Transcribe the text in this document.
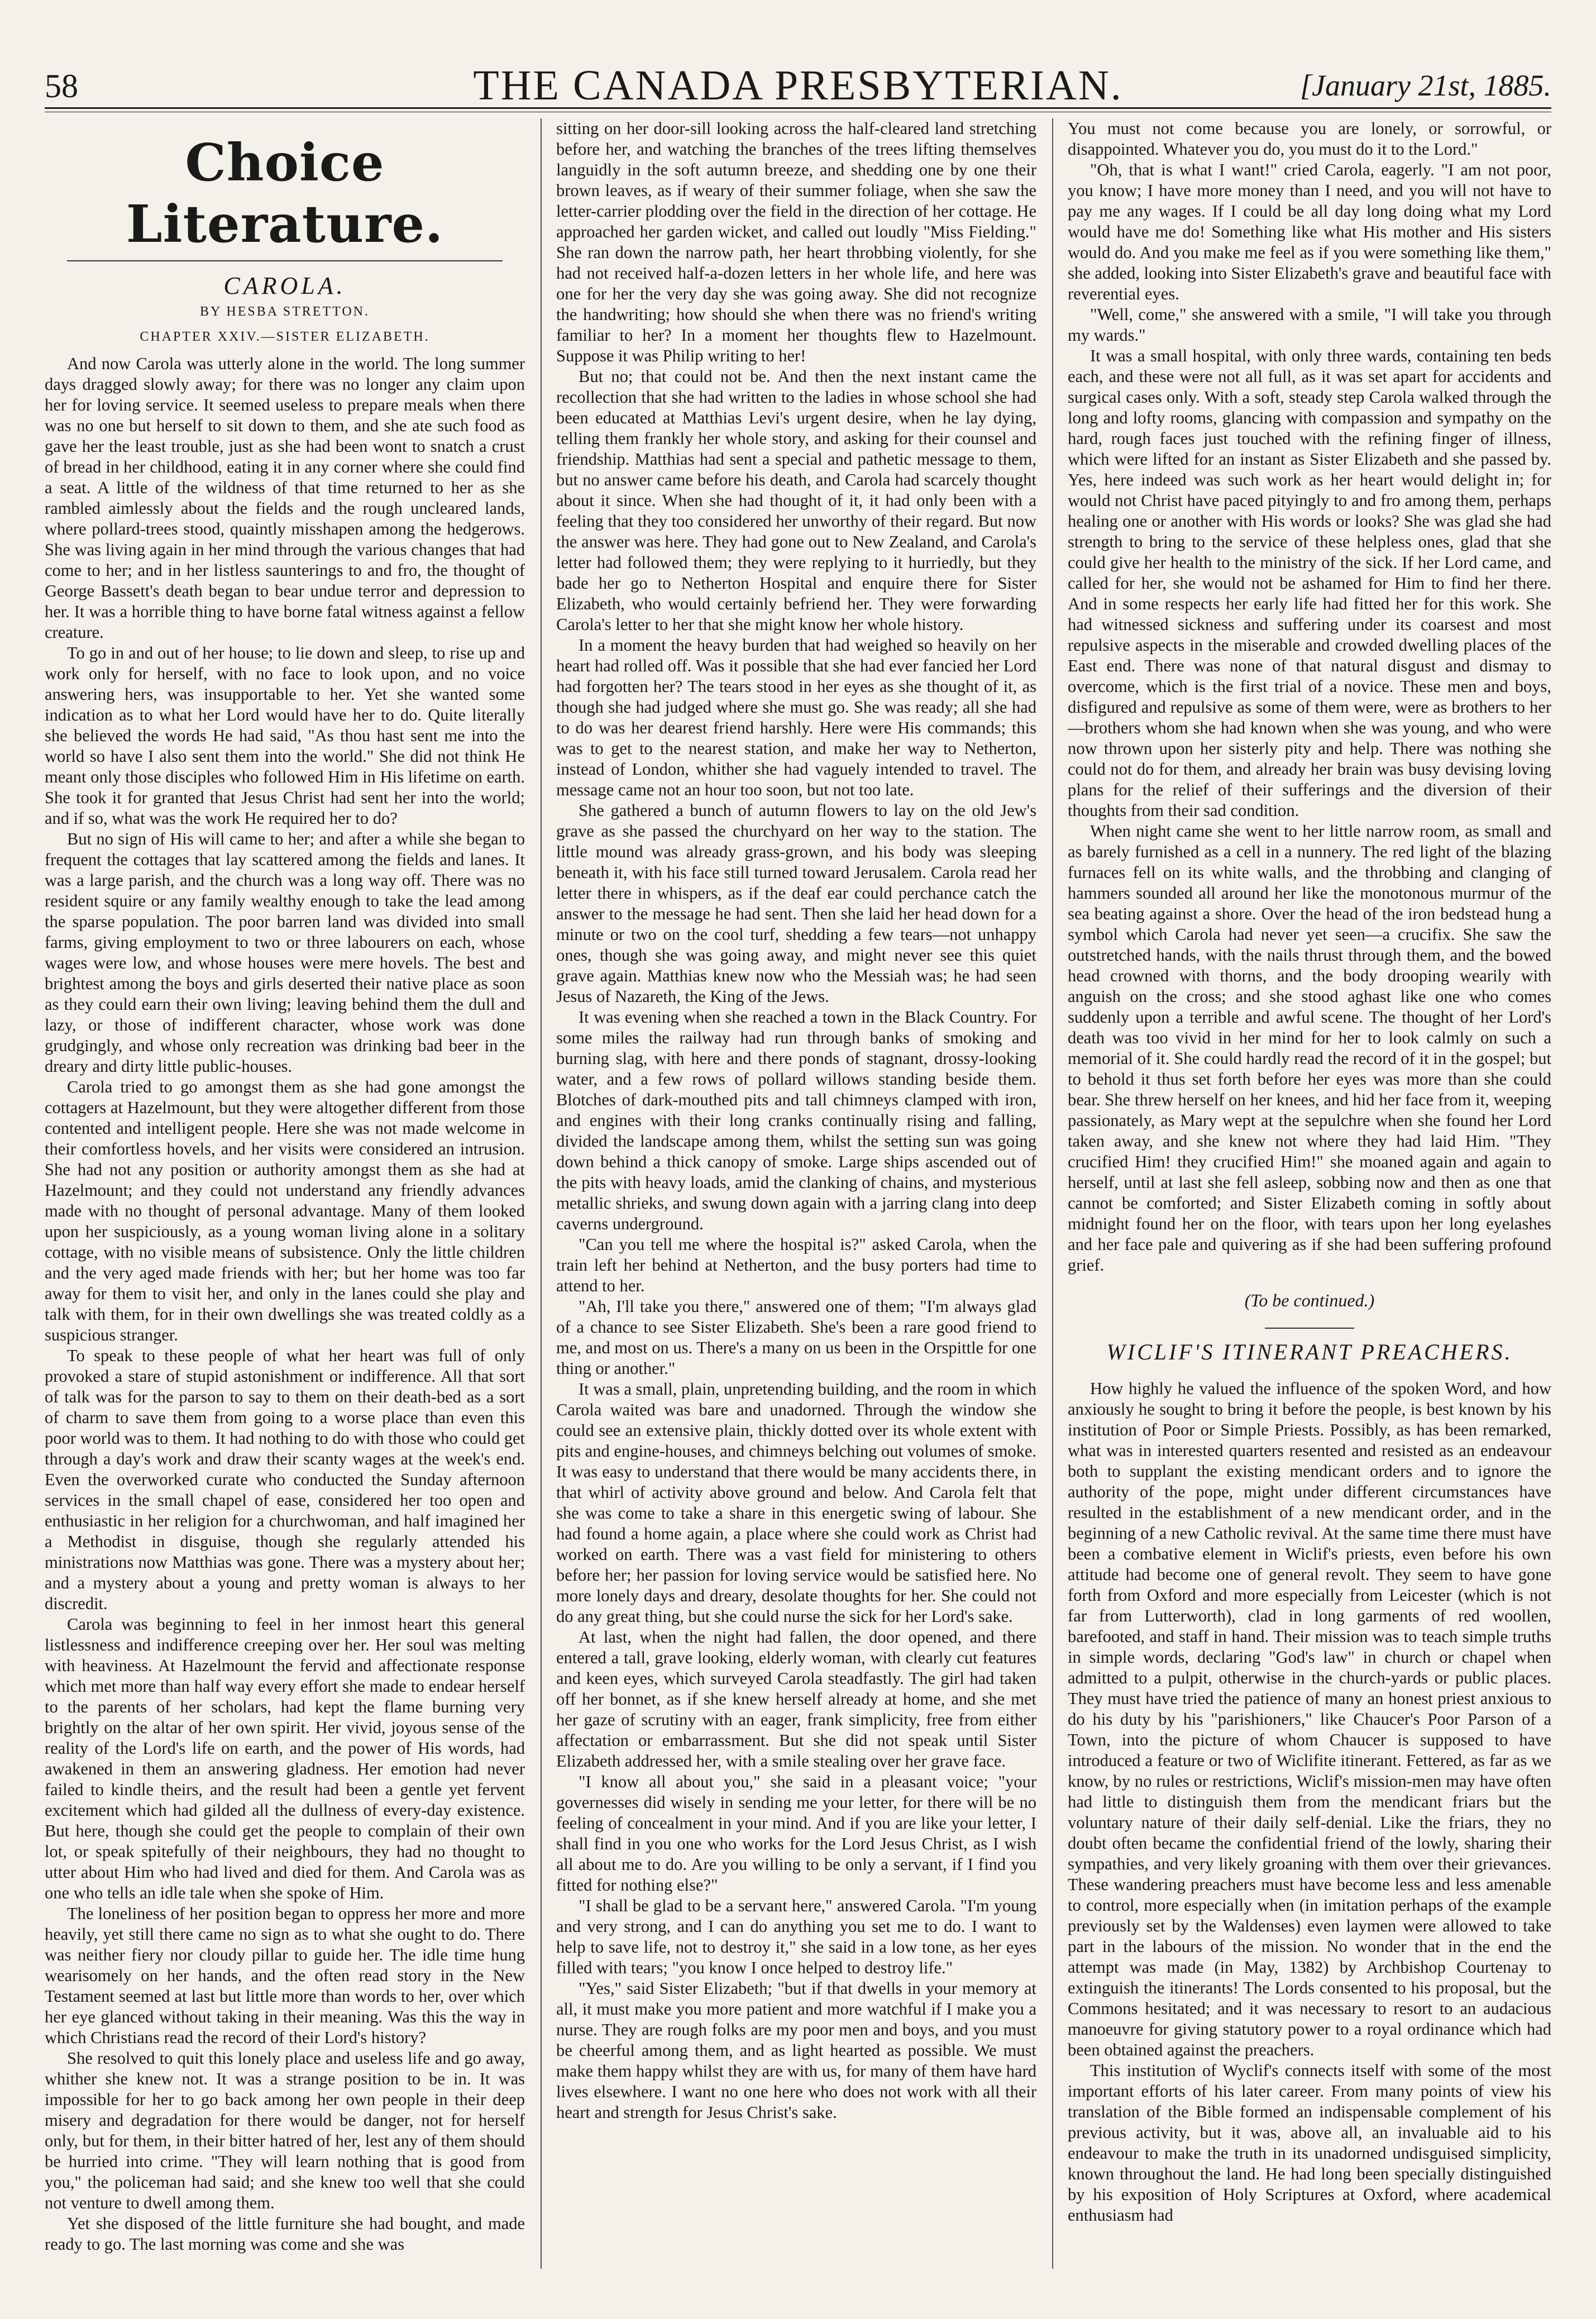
58	THE CANADA PRESBYTERIAN.	[January 21st, 1885.
Choice Literature.
CAROLA.
BY HESBA STRETTON.
CHAPTER XXIV.—SISTER ELIZABETH.

And now Carola was utterly alone in the world. The long summer days dragged slowly away; for there was no longer any claim upon her for loving service. It seemed useless to prepare meals when there was no one but herself to sit down to them, and she ate such food as gave her the least trouble, just as she had been wont to snatch a crust of bread in her childhood, eating it in any corner where she could find a seat. A little of the wildness of that time returned to her as she rambled aimlessly about the fields and the rough uncleared lands, where pollard-trees stood, quaintly misshapen among the hedgerows. She was living again in her mind through the various changes that had come to her; and in her listless saunterings to and fro, the thought of George Bassett's death began to bear undue terror and depression to her. It was a horrible thing to have borne fatal witness against a fellow creature.

To go in and out of her house; to lie down and sleep, to rise up and work only for herself, with no face to look upon, and no voice answering hers, was insupportable to her. Yet she wanted some indication as to what her Lord would have her to do. Quite literally she believed the words He had said, "As thou hast sent me into the world so have I also sent them into the world." She did not think He meant only those disciples who followed Him in His lifetime on earth. She took it for granted that Jesus Christ had sent her into the world; and if so, what was the work He required her to do?

But no sign of His will came to her; and after a while she began to frequent the cottages that lay scattered among the fields and lanes. It was a large parish, and the church was a long way off. There was no resident squire or any family wealthy enough to take the lead among the sparse population. The poor barren land was divided into small farms, giving employment to two or three labourers on each, whose wages were low, and whose houses were mere hovels. The best and brightest among the boys and girls deserted their native place as soon as they could earn their own living; leaving behind them the dull and lazy, or those of indifferent character, whose work was done grudgingly, and whose only recreation was drinking bad beer in the dreary and dirty little public-houses.

Carola tried to go amongst them as she had gone amongst the cottagers at Hazelmount, but they were altogether different from those contented and intelligent people. Here she was not made welcome in their comfortless hovels, and her visits were considered an intrusion. She had not any position or authority amongst them as she had at Hazelmount; and they could not understand any friendly advances made with no thought of personal advantage. Many of them looked upon her suspiciously, as a young woman living alone in a solitary cottage, with no visible means of subsistence. Only the little children and the very aged made friends with her; but her home was too far away for them to visit her, and only in the lanes could she play and talk with them, for in their own dwellings she was treated coldly as a suspicious stranger.

To speak to these people of what her heart was full of only provoked a stare of stupid astonishment or indifference. All that sort of talk was for the parson to say to them on their death-bed as a sort of charm to save them from going to a worse place than even this poor world was to them. It had nothing to do with those who could get through a day's work and draw their scanty wages at the week's end. Even the overworked curate who conducted the Sunday afternoon services in the small chapel of ease, considered her too open and enthusiastic in her religion for a churchwoman, and half imagined her a Methodist in disguise, though she regularly attended his ministrations now Matthias was gone. There was a mystery about her; and a mystery about a young and pretty woman is always to her discredit.

Carola was beginning to feel in her inmost heart this general listlessness and indifference creeping over her. Her soul was melting with heaviness. At Hazelmount the fervid and affectionate response which met more than half way every effort she made to endear herself to the parents of her scholars, had kept the flame burning very brightly on the altar of her own spirit. Her vivid, joyous sense of the reality of the Lord's life on earth, and the power of His words, had awakened in them an answering gladness. Her emotion had never failed to kindle theirs, and the result had been a gentle yet fervent excitement which had gilded all the dullness of every-day existence. But here, though she could get the people to complain of their own lot, or speak spitefully of their neighbours, they had no thought to utter about Him who had lived and died for them. And Carola was as one who tells an idle tale when she spoke of Him.

The loneliness of her position began to oppress her more and more heavily, yet still there came no sign as to what she ought to do. There was neither fiery nor cloudy pillar to guide her. The idle time hung wearisomely on her hands, and the often read story in the New Testament seemed at last but little more than words to her, over which her eye glanced without taking in their meaning. Was this the way in which Christians read the record of their Lord's history?

She resolved to quit this lonely place and useless life and go away, whither she knew not. It was a strange position to be in. It was impossible for her to go back among her own people in their deep misery and degradation for there would be danger, not for herself only, but for them, in their bitter hatred of her, lest any of them should be hurried into crime. "They will learn nothing that is good from you," the policeman had said; and she knew too well that she could not venture to dwell among them.

Yet she disposed of the little furniture she had bought, and made ready to go. The last morning was come and she was

sitting on her door-sill looking across the half-cleared land stretching before her, and watching the branches of the trees lifting themselves languidly in the soft autumn breeze, and shedding one by one their brown leaves, as if weary of their summer foliage, when she saw the letter-carrier plodding over the field in the direction of her cottage. He approached her garden wicket, and called out loudly "Miss Fielding." She ran down the narrow path, her heart throbbing violently, for she had not received half-a-dozen letters in her whole life, and here was one for her the very day she was going away. She did not recognize the handwriting; how should she when there was no friend's writing familiar to her? In a moment her thoughts flew to Hazelmount. Suppose it was Philip writing to her!

But no; that could not be. And then the next instant came the recollection that she had written to the ladies in whose school she had been educated at Matthias Levi's urgent desire, when he lay dying, telling them frankly her whole story, and asking for their counsel and friendship. Matthias had sent a special and pathetic message to them, but no answer came before his death, and Carola had scarcely thought about it since. When she had thought of it, it had only been with a feeling that they too considered her unworthy of their regard. But now the answer was here. They had gone out to New Zealand, and Carola's letter had followed them; they were replying to it hurriedly, but they bade her go to Netherton Hospital and enquire there for Sister Elizabeth, who would certainly befriend her. They were forwarding Carola's letter to her that she might know her whole history.

In a moment the heavy burden that had weighed so heavily on her heart had rolled off. Was it possible that she had ever fancied her Lord had forgotten her? The tears stood in her eyes as she thought of it, as though she had judged where she must go. She was ready; all she had to do was her dearest friend harshly. Here were His commands; this was to get to the nearest station, and make her way to Netherton, instead of London, whither she had vaguely intended to travel. The message came not an hour too soon, but not too late.

She gathered a bunch of autumn flowers to lay on the old Jew's grave as she passed the churchyard on her way to the station. The little mound was already grass-grown, and his body was sleeping beneath it, with his face still turned toward Jerusalem. Carola read her letter there in whispers, as if the deaf ear could perchance catch the answer to the message he had sent. Then she laid her head down for a minute or two on the cool turf, shedding a few tears—not unhappy ones, though she was going away, and might never see this quiet grave again. Matthias knew now who the Messiah was; he had seen Jesus of Nazareth, the King of the Jews.

It was evening when she reached a town in the Black Country. For some miles the railway had run through banks of smoking and burning slag, with here and there ponds of stagnant, drossy-looking water, and a few rows of pollard willows standing beside them. Blotches of dark-mouthed pits and tall chimneys clamped with iron, and engines with their long cranks continually rising and falling, divided the landscape among them, whilst the setting sun was going down behind a thick canopy of smoke. Large ships ascended out of the pits with heavy loads, amid the clanking of chains, and mysterious metallic shrieks, and swung down again with a jarring clang into deep caverns underground.

"Can you tell me where the hospital is?" asked Carola, when the train left her behind at Netherton, and the busy porters had time to attend to her.

"Ah, I'll take you there," answered one of them; "I'm always glad of a chance to see Sister Elizabeth. She's been a rare good friend to me, and most on us. There's a many on us been in the Orspittle for one thing or another."

It was a small, plain, unpretending building, and the room in which Carola waited was bare and unadorned. Through the window she could see an extensive plain, thickly dotted over its whole extent with pits and engine-houses, and chimneys belching out volumes of smoke. It was easy to understand that there would be many accidents there, in that whirl of activity above ground and below. And Carola felt that she was come to take a share in this energetic swing of labour. She had found a home again, a place where she could work as Christ had worked on earth. There was a vast field for ministering to others before her; her passion for loving service would be satisfied here. No more lonely days and dreary, desolate thoughts for her. She could not do any great thing, but she could nurse the sick for her Lord's sake.

At last, when the night had fallen, the door opened, and there entered a tall, grave looking, elderly woman, with clearly cut features and keen eyes, which surveyed Carola steadfastly. The girl had taken off her bonnet, as if she knew herself already at home, and she met her gaze of scrutiny with an eager, frank simplicity, free from either affectation or embarrassment. But she did not speak until Sister Elizabeth addressed her, with a smile stealing over her grave face.

"I know all about you," she said in a pleasant voice; "your governesses did wisely in sending me your letter, for there will be no feeling of concealment in your mind. And if you are like your letter, I shall find in you one who works for the Lord Jesus Christ, as I wish all about me to do. Are you willing to be only a servant, if I find you fitted for nothing else?"

"I shall be glad to be a servant here," answered Carola. "I'm young and very strong, and I can do anything you set me to do. I want to help to save life, not to destroy it," she said in a low tone, as her eyes filled with tears; "you know I once helped to destroy life."

"Yes," said Sister Elizabeth; "but if that dwells in your memory at all, it must make you more patient and more watchful if I make you a nurse. They are rough folks are my poor men and boys, and you must be cheerful among them, and as light hearted as possible. We must make them happy whilst they are with us, for many of them have hard lives elsewhere. I want no one here who does not work with all their heart and strength for Jesus Christ's sake.

You must not come because you are lonely, or sorrowful, or disappointed. Whatever you do, you must do it to the Lord."

"Oh, that is what I want!" cried Carola, eagerly. "I am not poor, you know; I have more money than I need, and you will not have to pay me any wages. If I could be all day long doing what my Lord would have me do! Something like what His mother and His sisters would do. And you make me feel as if you were something like them," she added, looking into Sister Elizabeth's grave and beautiful face with reverential eyes.

"Well, come," she answered with a smile, "I will take you through my wards."

It was a small hospital, with only three wards, containing ten beds each, and these were not all full, as it was set apart for accidents and surgical cases only. With a soft, steady step Carola walked through the long and lofty rooms, glancing with compassion and sympathy on the hard, rough faces just touched with the refining finger of illness, which were lifted for an instant as Sister Elizabeth and she passed by. Yes, here indeed was such work as her heart would delight in; for would not Christ have paced pityingly to and fro among them, perhaps healing one or another with His words or looks? She was glad she had strength to bring to the service of these helpless ones, glad that she could give her health to the ministry of the sick. If her Lord came, and called for her, she would not be ashamed for Him to find her there. And in some respects her early life had fitted her for this work. She had witnessed sickness and suffering under its coarsest and most repulsive aspects in the miserable and crowded dwelling places of the East end. There was none of that natural disgust and dismay to overcome, which is the first trial of a novice. These men and boys, disfigured and repulsive as some of them were, were as brothers to her—brothers whom she had known when she was young, and who were now thrown upon her sisterly pity and help. There was nothing she could not do for them, and already her brain was busy devising loving plans for the relief of their sufferings and the diversion of their thoughts from their sad condition.

When night came she went to her little narrow room, as small and as barely furnished as a cell in a nunnery. The red light of the blazing furnaces fell on its white walls, and the throbbing and clanging of hammers sounded all around her like the monotonous murmur of the sea beating against a shore. Over the head of the iron bedstead hung a symbol which Carola had never yet seen—a crucifix. She saw the outstretched hands, with the nails thrust through them, and the bowed head crowned with thorns, and the body drooping wearily with anguish on the cross; and she stood aghast like one who comes suddenly upon a terrible and awful scene. The thought of her Lord's death was too vivid in her mind for her to look calmly on such a memorial of it. She could hardly read the record of it in the gospel; but to behold it thus set forth before her eyes was more than she could bear. She threw herself on her knees, and hid her face from it, weeping passionately, as Mary wept at the sepulchre when she found her Lord taken away, and she knew not where they had laid Him. "They crucified Him! they crucified Him!" she moaned again and again to herself, until at last she fell asleep, sobbing now and then as one that cannot be comforted; and Sister Elizabeth coming in softly about midnight found her on the floor, with tears upon her long eyelashes and her face pale and quivering as if she had been suffering profound grief.

(To be continued.)
WICLIF'S ITINERANT PREACHERS.

How highly he valued the influence of the spoken Word, and how anxiously he sought to bring it before the people, is best known by his institution of Poor or Simple Priests. Possibly, as has been remarked, what was in interested quarters resented and resisted as an endeavour both to supplant the existing mendicant orders and to ignore the authority of the pope, might under different circumstances have resulted in the establishment of a new mendicant order, and in the beginning of a new Catholic revival. At the same time there must have been a combative element in Wiclif's priests, even before his own attitude had become one of general revolt. They seem to have gone forth from Oxford and more especially from Leicester (which is not far from Lutterworth), clad in long garments of red woollen, barefooted, and staff in hand. Their mission was to teach simple truths in simple words, declaring "God's law" in church or chapel when admitted to a pulpit, otherwise in the church-yards or public places. They must have tried the patience of many an honest priest anxious to do his duty by his "parishioners," like Chaucer's Poor Parson of a Town, into the picture of whom Chaucer is supposed to have introduced a feature or two of Wiclifite itinerant. Fettered, as far as we know, by no rules or restrictions, Wiclif's mission-men may have often had little to distinguish them from the mendicant friars but the voluntary nature of their daily self-denial. Like the friars, they no doubt often became the confidential friend of the lowly, sharing their sympathies, and very likely groaning with them over their grievances. These wandering preachers must have become less and less amenable to control, more especially when (in imitation perhaps of the example previously set by the Waldenses) even laymen were allowed to take part in the labours of the mission. No wonder that in the end the attempt was made (in May, 1382) by Archbishop Courtenay to extinguish the itinerants! The Lords consented to his proposal, but the Commons hesitated; and it was necessary to resort to an audacious manoeuvre for giving statutory power to a royal ordinance which had been obtained against the preachers.

This institution of Wyclif's connects itself with some of the most important efforts of his later career. From many points of view his translation of the Bible formed an indispensable complement of his previous activity, but it was, above all, an invaluable aid to his endeavour to make the truth in its unadorned undisguised simplicity, known throughout the land. He had long been specially distinguished by his exposition of Holy Scriptures at Oxford, where academical enthusiasm had
